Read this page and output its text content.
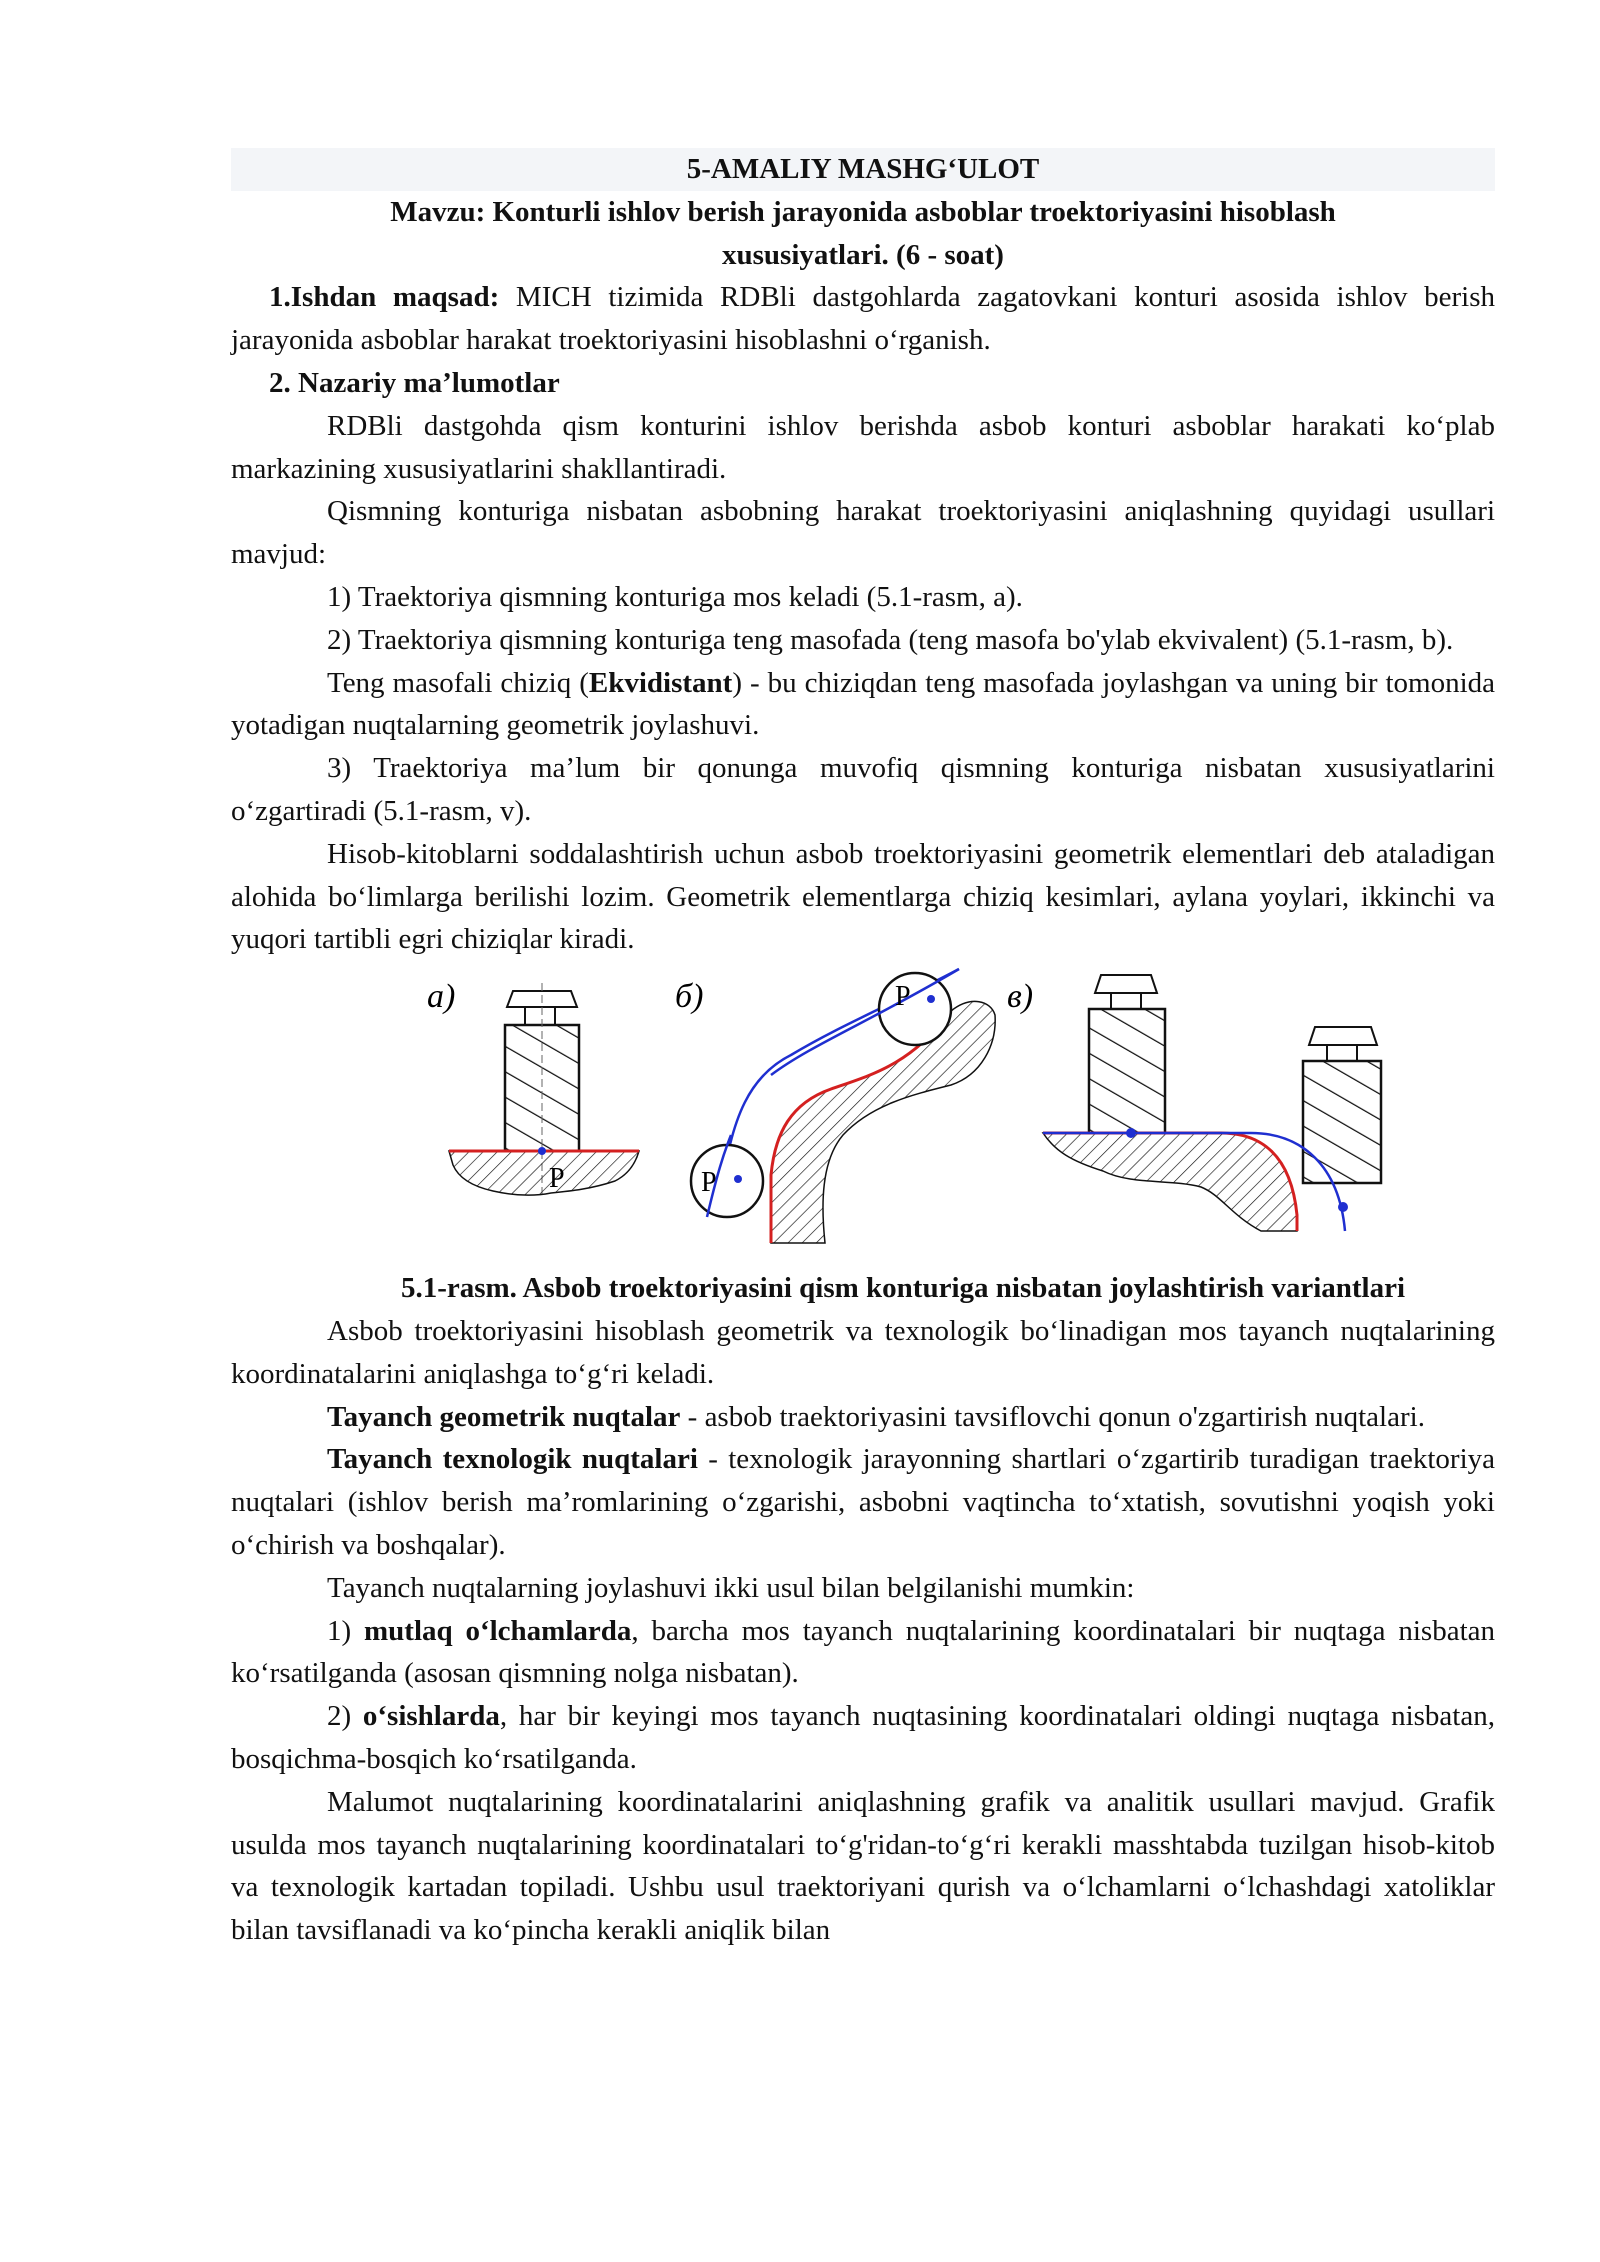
5-AMALIY MASHG‘ULOT

Mavzu: Konturli ishlov berish jarayonida asboblar troektoriyasini hisoblash

xususiyatlari. (6 - soat)

1.Ishdan maqsad: MICH tizimida RDBli dastgohlarda zagatovkani konturi asosida ishlov berish jarayonida asboblar harakat troektoriyasini hisoblashni o‘rganish.

2. Nazariy ma’lumotlar

RDBli dastgohda qism konturini ishlov berishda asbob konturi asboblar harakati ko‘plab markazining xususiyatlarini shakllantiradi.

Qismning konturiga nisbatan asbobning harakat troektoriyasini aniqlashning quyidagi usullari mavjud:

1) Traektoriya qismning konturiga mos keladi (5.1-rasm, a).

2) Traektoriya qismning konturiga teng masofada (teng masofa bo'ylab ekvivalent) (5.1-rasm, b).

Teng masofali chiziq (Ekvidistant) - bu chiziqdan teng masofada joylashgan va uning bir tomonida yotadigan nuqtalarning geometrik joylashuvi.

3) Traektoriya ma’lum bir qonunga muvofiq qismning konturiga nisbatan xususiyatlarini o‘zgartiradi (5.1-rasm, v).

Hisob-kitoblarni soddalashtirish uchun asbob troektoriyasini geometrik elementlari deb ataladigan alohida bo‘limlarga berilishi lozim. Geometrik elementlarga chiziq kesimlari, aylana yoylari, ikkinchi va yuqori tartibli egri chiziqlar kiradi.

а)
P
б)	P
P
в)

5.1-rasm. Asbob troektoriyasini qism konturiga nisbatan joylashtirish variantlari

Asbob troektoriyasini hisoblash geometrik va texnologik bo‘linadigan mos tayanch nuqtalarining koordinatalarini aniqlashga to‘g‘ri keladi.

Tayanch geometrik nuqtalar - asbob traektoriyasini tavsiflovchi qonun o'zgartirish nuqtalari.

Tayanch texnologik nuqtalari - texnologik jarayonning shartlari o‘zgartirib turadigan traektoriya nuqtalari (ishlov berish ma’romlarining o‘zgarishi, asbobni vaqtincha to‘xtatish, sovutishni yoqish yoki o‘chirish va boshqalar).

Tayanch nuqtalarning joylashuvi ikki usul bilan belgilanishi mumkin:

1) mutlaq o‘lchamlarda, barcha mos tayanch nuqtalarining koordinatalari bir nuqtaga nisbatan ko‘rsatilganda (asosan qismning nolga nisbatan).

2) o‘sishlarda, har bir keyingi mos tayanch nuqtasining koordinatalari oldingi nuqtaga nisbatan, bosqichma-bosqich ko‘rsatilganda.

Malumot nuqtalarining koordinatalarini aniqlashning grafik va analitik usullari mavjud. Grafik usulda mos tayanch nuqtalarining koordinatalari to‘g'ridan-to‘g‘ri kerakli masshtabda tuzilgan hisob-kitob va texnologik kartadan topiladi. Ushbu usul traektoriyani qurish va o‘lchamlarni o‘lchashdagi xatoliklar bilan tavsiflanadi va ko‘pincha kerakli aniqlik bilan
